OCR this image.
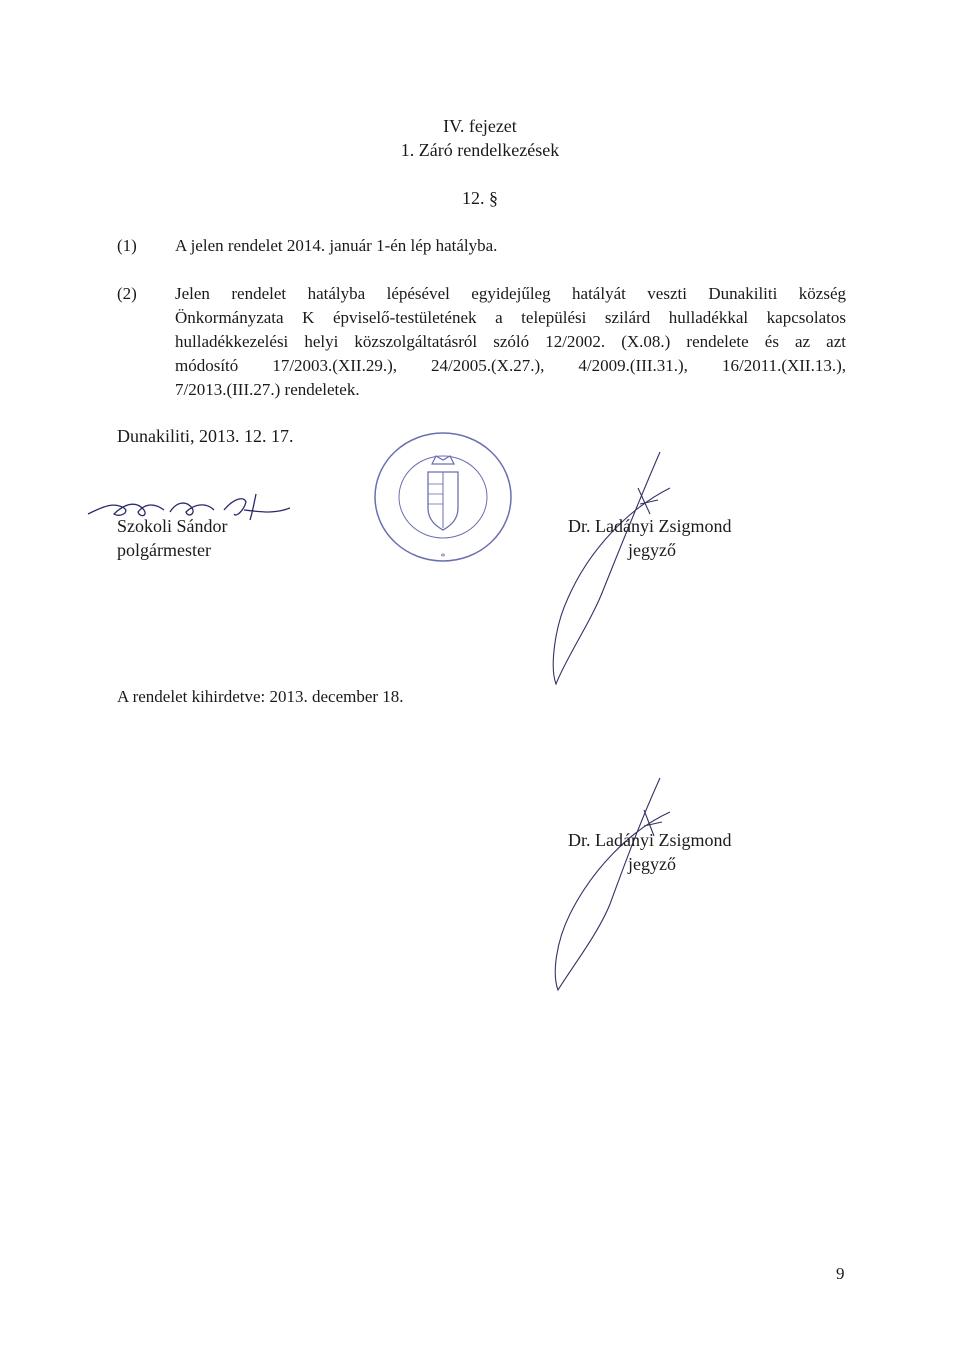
IV. fejezet
1. Záró rendelkezések
12. §
(1) A jelen rendelet 2014. január 1-én lép hatályba.
(2) Jelen rendelet hatályba lépésével egyidejűleg hatályát veszti Dunakiliti község
Önkormányzata K épviselő-testületének a települési szilárd hulladékkal kapcsolatos
hulladékkezelési helyi közszolgáltatásról szóló 12/2002. (X.08.) rendelete és az azt
módosító 17/2003.(XII.29.), 24/2005.(X.27.), 4/2009.(III.31.), 16/2011.(XII.13.),
7/2013.(III.27.) rendeletek.
Dunakiliti, 2013. 12. 17.
Szokoli Sándor
polgármester	*
Dr. Ladányi Zsigmond
jegyző
A rendelet kihirdetve: 2013. december 18.
Dr. Ladányi Zsigmond
jegyző
9
